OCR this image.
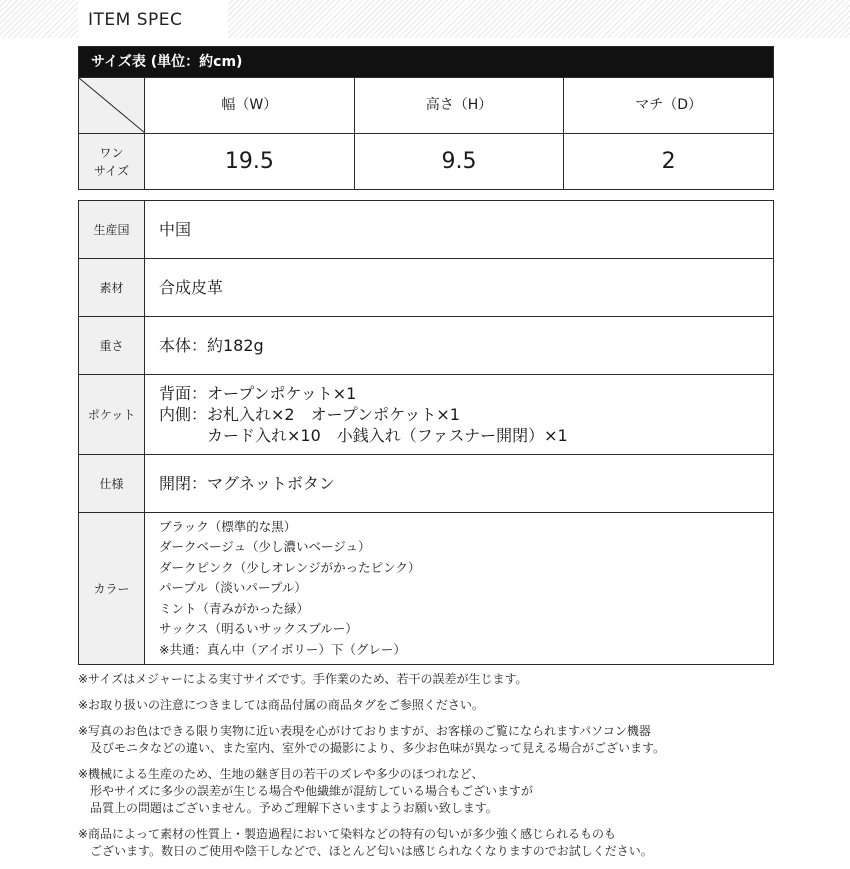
ITEM SPEC
サイズ表 (単位：約cm)
幅（W）	高さ（H）	マチ（D）
ワン
サイズ	19.5	9.5	2
生産国	中国
素材	合成皮革
重さ	本体：約182g
ポケット
背面：オープンポケット×1
内側：お札入れ×2　オープンポケット×1
　　　カード入れ×10　小銭入れ（ファスナー開閉）×1
仕様	開閉：マグネットボタン
カラー
ブラック（標準的な黒）
ダークベージュ（少し濃いベージュ）
ダークピンク（少しオレンジがかったピンク）
パープル（淡いパープル）
ミント（青みがかった緑）
サックス（明るいサックスブルー）
※共通：真ん中（アイボリー）下（グレー）
※サイズはメジャーによる実寸サイズです。手作業のため、若干の誤差が生じます。
※お取り扱いの注意につきましては商品付属の商品タグをご参照ください。
※写真のお色はできる限り実物に近い表現を心がけておりますが、お客様のご覧になられますパソコン機器
　及びモニタなどの違い、また室内、室外での撮影により、多少お色味が異なって見える場合がございます。
※機械による生産のため、生地の継ぎ目の若干のズレや多少のほつれなど、
　形やサイズに多少の誤差が生じる場合や他繊維が混紡している場合もございますが
　品質上の問題はございません。予めご理解下さいますようお願い致します。
※商品によって素材の性質上・製造過程において染料などの特有の匂いが多少強く感じられるものも
　ございます。数日のご使用や陰干しなどで、ほとんど匂いは感じられなくなりますのでお試しください。
